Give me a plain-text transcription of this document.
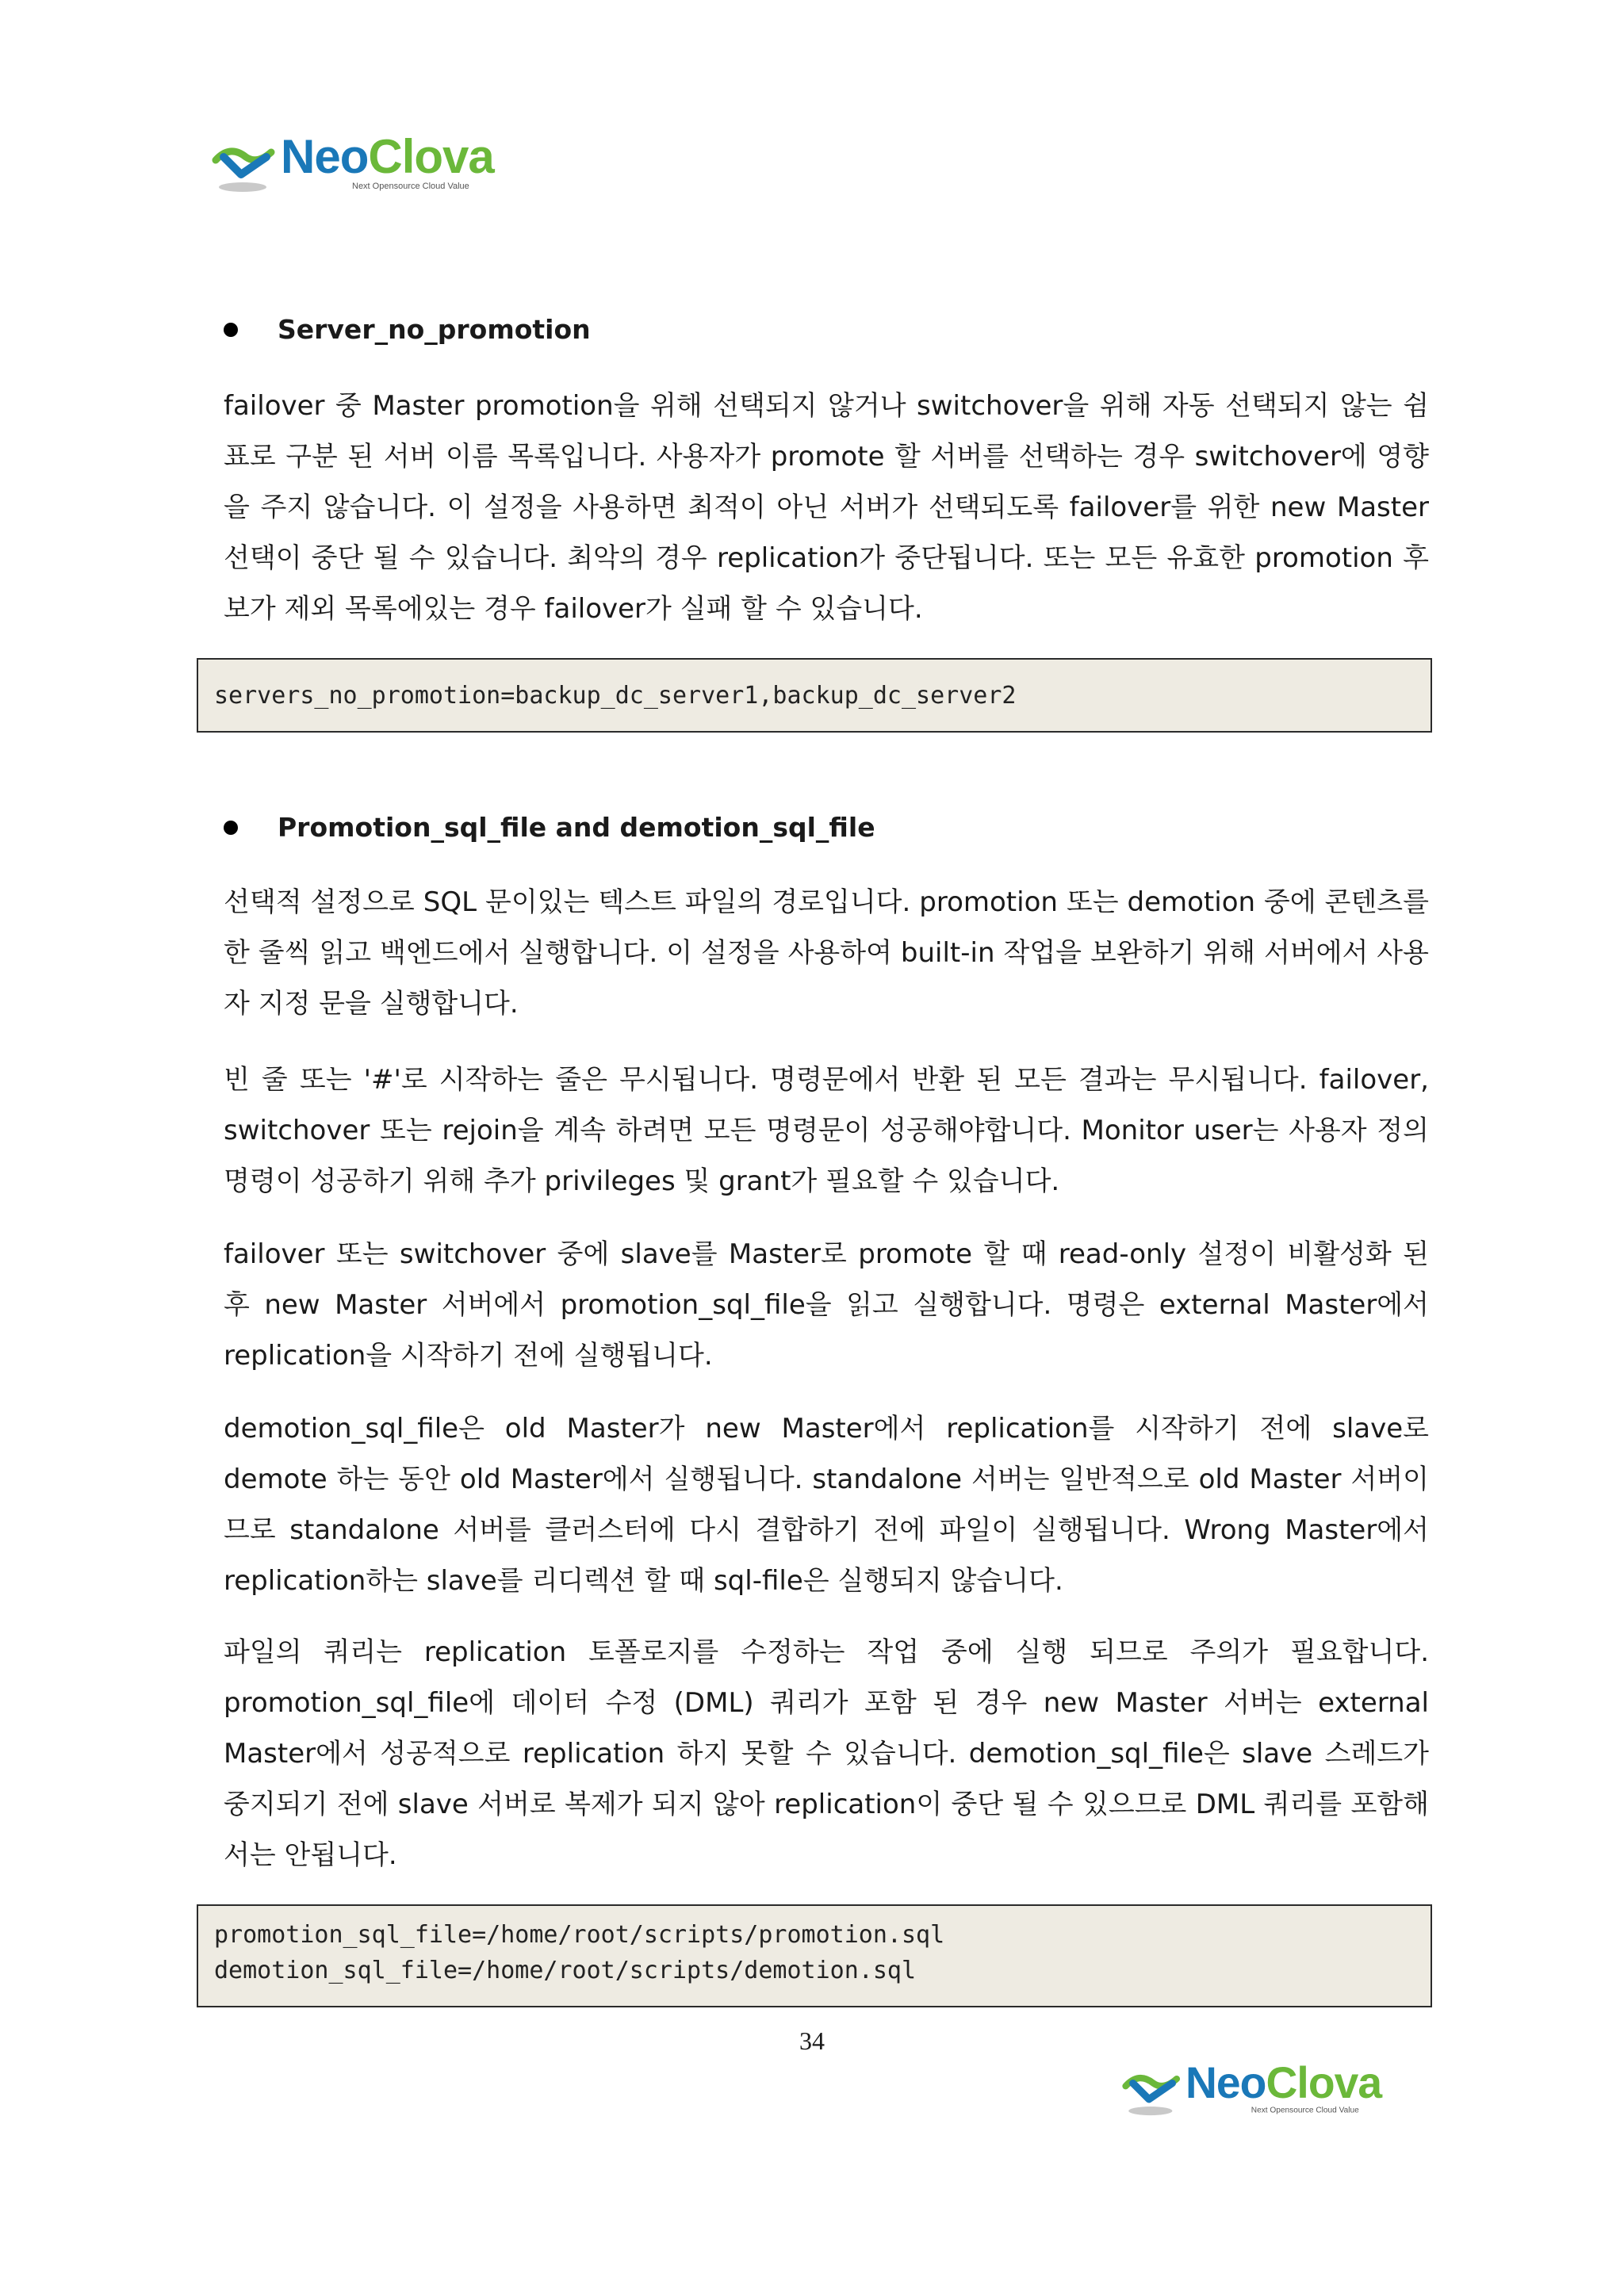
NeoClova
Next Opensource Cloud Value
Server_no_promotion

failover 중 Master promotion을 위해 선택되지 않거나 switchover을 위해 자동 선택되지 않는 쉼표로 구분 된 서버 이름 목록입니다. 사용자가 promote 할 서버를 선택하는 경우 switchover에 영향을 주지 않습니다. 이 설정을 사용하면 최적이 아닌 서버가 선택되도록 failover를 위한 new Master 선택이 중단 될 수 있습니다. 최악의 경우 replication가 중단됩니다. 또는 모든 유효한 promotion 후보가 제외 목록에있는 경우 failover가 실패 할 수 있습니다.

servers_no_promotion=backup_dc_server1,backup_dc_server2
Promotion_sql_file and demotion_sql_file

선택적 설정으로 SQL 문이있는 텍스트 파일의 경로입니다. promotion 또는 demotion 중에 콘텐츠를 한 줄씩 읽고 백엔드에서 실행합니다. 이 설정을 사용하여 built-in 작업을 보완하기 위해 서버에서 사용자 지정 문을 실행합니다.

빈 줄 또는 '#'로 시작하는 줄은 무시됩니다. 명령문에서 반환 된 모든 결과는 무시됩니다. failover, switchover 또는 rejoin을 계속 하려면 모든 명령문이 성공해야합니다. Monitor user는 사용자 정의 명령이 성공하기 위해 추가 privileges 및 grant가 필요할 수 있습니다.

failover 또는 switchover 중에 slave를 Master로 promote 할 때 read-only 설정이 비활성화 된 후 new Master 서버에서 promotion_sql_file을 읽고 실행합니다. 명령은 external Master에서 replication을 시작하기 전에 실행됩니다.

demotion_sql_file은 old Master가 new Master에서 replication를 시작하기 전에 slave로 demote 하는 동안 old Master에서 실행됩니다. standalone 서버는 일반적으로 old Master 서버이므로 standalone 서버를 클러스터에 다시 결합하기 전에 파일이 실행됩니다. Wrong Master에서 replication하는 slave를 리디렉션 할 때 sql-file은 실행되지 않습니다.

파일의 쿼리는 replication 토폴로지를 수정하는 작업 중에 실행 되므로 주의가 필요합니다. promotion_sql_file에 데이터 수정 (DML) 쿼리가 포함 된 경우 new Master 서버는 external Master에서 성공적으로 replication 하지 못할 수 있습니다. demotion_sql_file은 slave 스레드가 중지되기 전에 slave 서버로 복제가 되지 않아 replication이 중단 될 수 있으므로 DML 쿼리를 포함해서는 안됩니다.

promotion_sql_file=/home/root/scripts/promotion.sql
demotion_sql_file=/home/root/scripts/demotion.sql
34
NeoClova
Next Opensource Cloud Value
